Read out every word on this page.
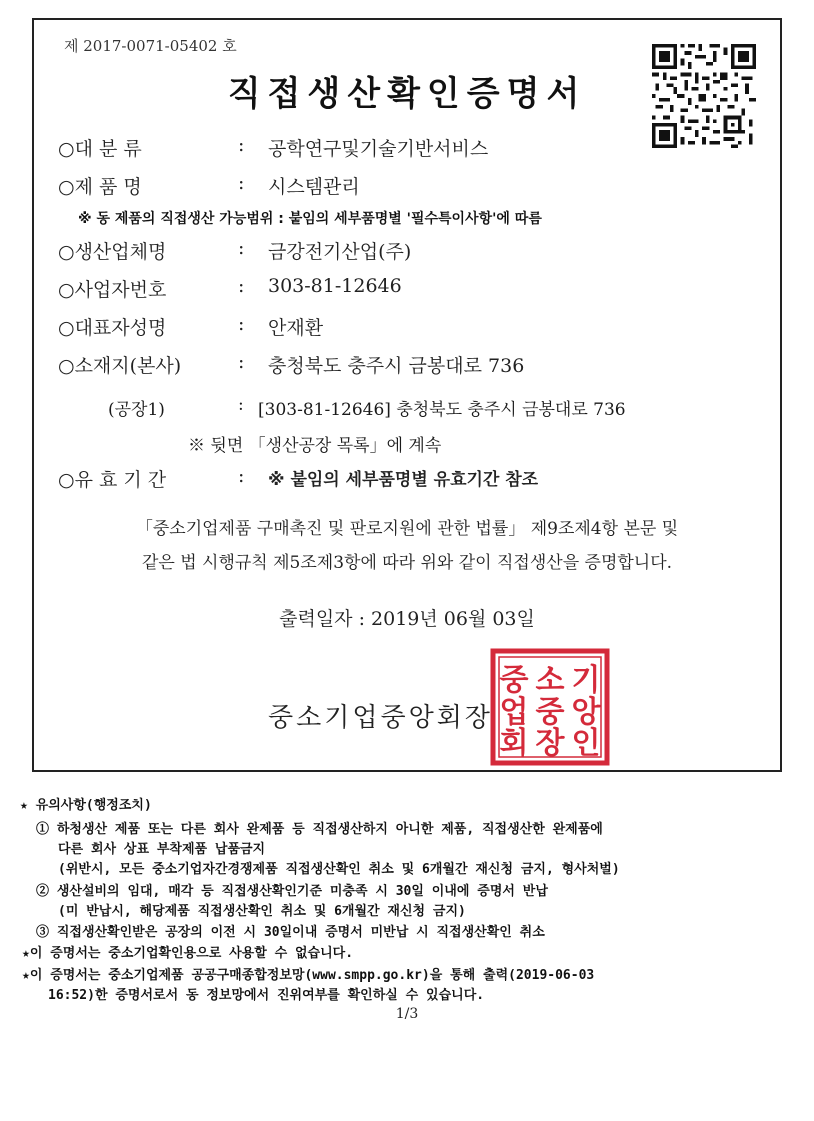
제 2017-0071-05402 호
직접생산확인증명서
○대 분 류	: 공학연구및기술기반서비스
○제 품 명	: 시스템관리
※ 동 제품의 직접생산 가능범위 : 붙임의 세부품명별 '필수특이사항'에 따름
○생산업체명	: 금강전기산업(주)
○사업자번호	: 303-81-12646
○대표자성명	: 안재환
○소재지(본사)	: 충청북도 충주시 금봉대로 736
(공장1)	: [303-81-12646] 충청북도 충주시 금봉대로 736
※ 뒷면 「생산공장 목록」에 계속
○유 효 기 간	: ※ 붙임의 세부품명별 유효기간 참조
「중소기업제품 구매촉진 및 판로지원에 관한 법률」 제9조제4항 본문 및
같은 법 시행규칙 제5조제3항에 따라 위와 같이 직접생산을 증명합니다.
출력일자 : 2019년 06월 03일
중 소 기
업 중 앙
회 장 인
중소기업중앙회장
★ 유의사항(행정조치)
① 하청생산 제품 또는 다른 회사 완제품 등 직접생산하지 아니한 제품, 직접생산한 완제품에
다른 회사 상표 부착제품 납품금지
(위반시, 모든 중소기업자간경쟁제품 직접생산확인 취소 및 6개월간 재신청 금지, 형사처벌)
② 생산설비의 임대, 매각 등 직접생산확인기준 미충족 시 30일 이내에 증명서 반납
(미 반납시, 해당제품 직접생산확인 취소 및 6개월간 재신청 금지)
③ 직접생산확인받은 공장의 이전 시 30일이내 증명서 미반납 시 직접생산확인 취소
★이 증명서는 중소기업확인용으로 사용할 수 없습니다.
★이 증명서는 중소기업제품 공공구매종합정보망(www.smpp.go.kr)을 통해 출력(2019-06-03
16:52)한 증명서로서 동 정보망에서 진위여부를 확인하실 수 있습니다.
1/3
